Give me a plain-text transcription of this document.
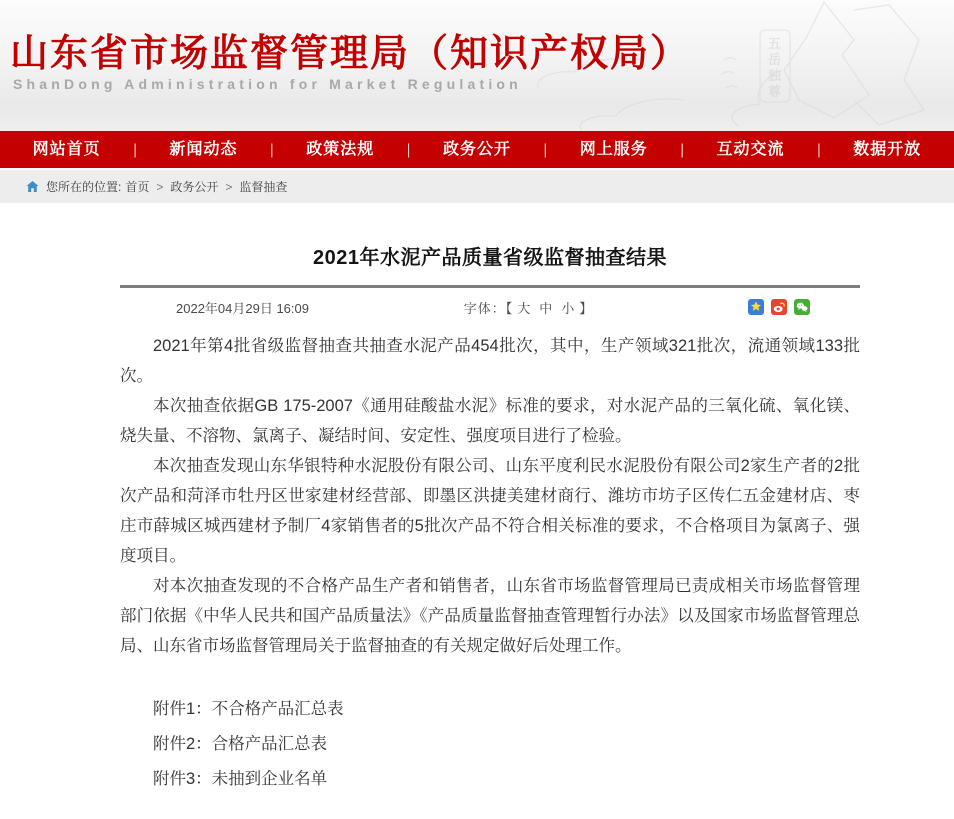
五
岳
独
尊
山东省市场监督管理局（知识产权局）
ShanDong Administration for Market Regulation
网站首页	|	新闻动态	|	政策法规	|	政务公开	|	网上服务	|	互动交流	|	数据开放
您所在的位置: 首页 > 政务公开 > 监督抽查
2021年水泥产品质量省级监督抽查结果
2022年04月29日 16:09	字体：【 大 中 小 】

2021年第4批省级监督抽查共抽查水泥产品454批次，其中，生产领域321批次，流通领域133批次。

本次抽查依据GB 175-2007《通用硅酸盐水泥》标准的要求，对水泥产品的三氧化硫、氧化镁、烧失量、不溶物、氯离子、凝结时间、安定性、强度项目进行了检验。

本次抽查发现山东华银特种水泥股份有限公司、山东平度利民水泥股份有限公司2家生产者的2批次产品和菏泽市牡丹区世家建材经营部、即墨区洪捷美建材商行、潍坊市坊子区传仁五金建材店、枣庄市薛城区城西建材予制厂4家销售者的5批次产品不符合相关标准的要求，不合格项目为氯离子、强度项目。

对本次抽查发现的不合格产品生产者和销售者，山东省市场监督管理局已责成相关市场监督管理部门依据《中华人民共和国产品质量法》《产品质量监督抽查管理暂行办法》以及国家市场监督管理总局、山东省市场监督管理局关于监督抽查的有关规定做好后处理工作。

附件1：不合格产品汇总表

附件2：合格产品汇总表

附件3：未抽到企业名单
